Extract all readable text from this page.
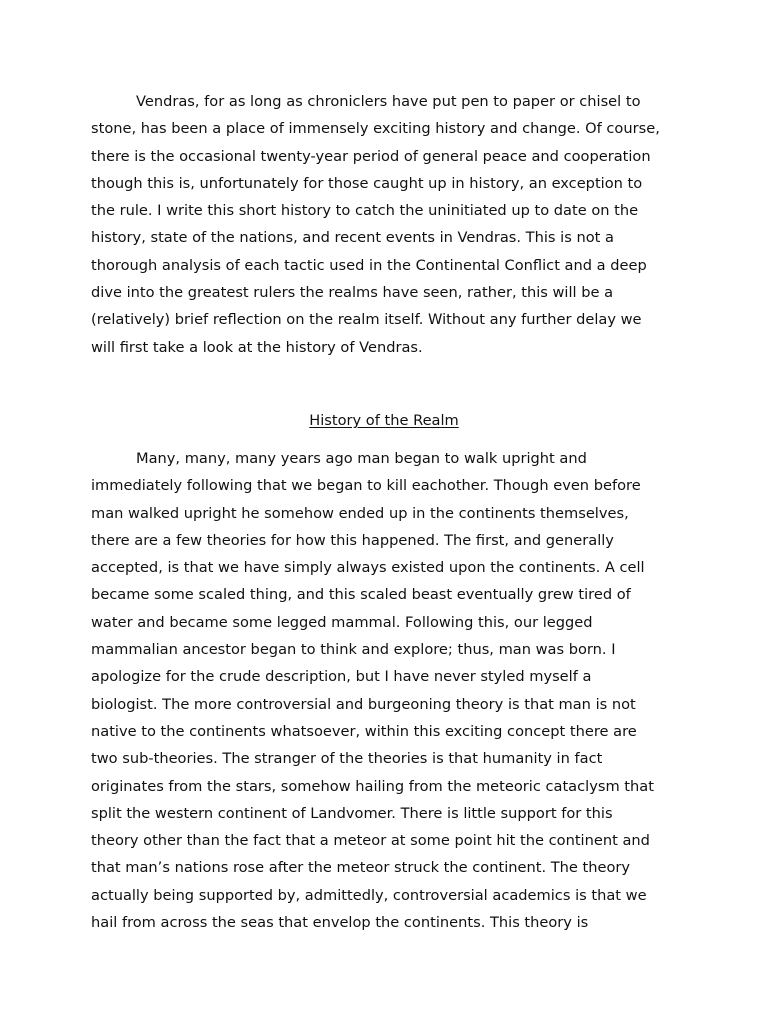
Vendras, for as long as chroniclers have put pen to paper or chisel to
stone, has been a place of immensely exciting history and change. Of course,
there is the occasional twenty-year period of general peace and cooperation
though this is, unfortunately for those caught up in history, an exception to
the rule. I write this short history to catch the uninitiated up to date on the
history, state of the nations, and recent events in Vendras. This is not a
thorough analysis of each tactic used in the Continental Conflict and a deep
dive into the greatest rulers the realms have seen, rather, this will be a
(relatively) brief reflection on the realm itself. Without any further delay we
will first take a look at the history of Vendras.

History of the Realm

Many, many, many years ago man began to walk upright and
immediately following that we began to kill eachother. Though even before
man walked upright he somehow ended up in the continents themselves,
there are a few theories for how this happened. The first, and generally
accepted, is that we have simply always existed upon the continents. A cell
became some scaled thing, and this scaled beast eventually grew tired of
water and became some legged mammal. Following this, our legged
mammalian ancestor began to think and explore; thus, man was born. I
apologize for the crude description, but I have never styled myself a
biologist. The more controversial and burgeoning theory is that man is not
native to the continents whatsoever, within this exciting concept there are
two sub-theories. The stranger of the theories is that humanity in fact
originates from the stars, somehow hailing from the meteoric cataclysm that
split the western continent of Landvomer. There is little support for this
theory other than the fact that a meteor at some point hit the continent and
that man’s nations rose after the meteor struck the continent. The theory
actually being supported by, admittedly, controversial academics is that we
hail from across the seas that envelop the continents. This theory is
